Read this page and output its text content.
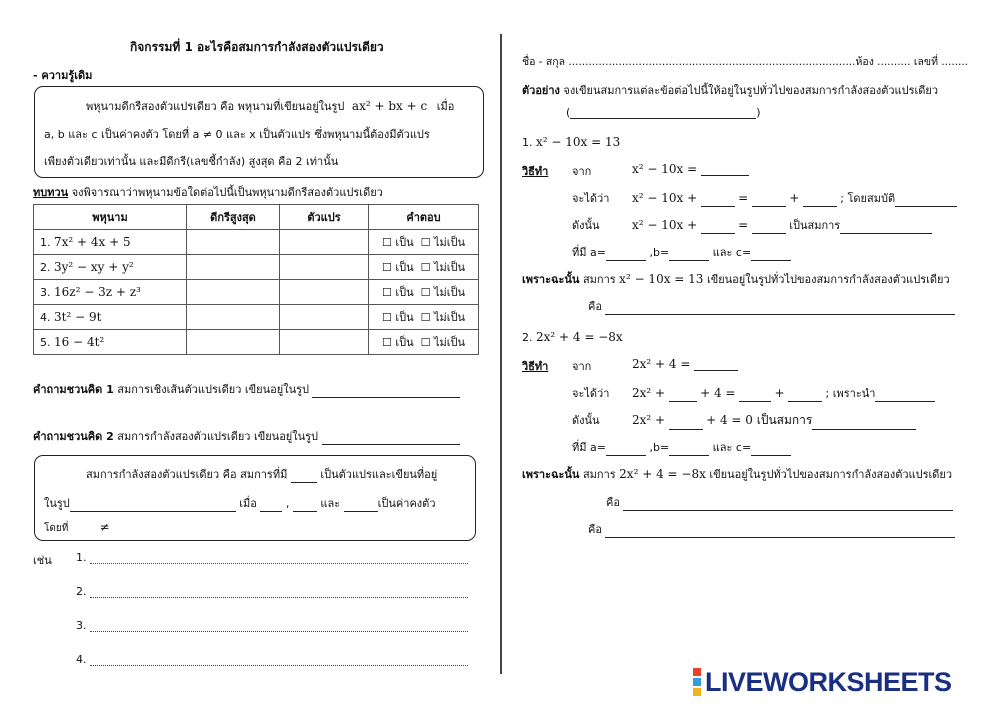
กิจกรรมที่ 1 อะไรคือสมการกำลังสองตัวแปรเดียว
- ความรู้เดิม
พหุนามดีกรีสองตัวแปรเดียว คือ พหุนามที่เขียนอยู่ในรูป ax² + bx + c เมื่อ
a, b และ c เป็นค่าคงตัว โดยที่ a ≠ 0 และ x เป็นตัวแปร ซึ่งพหุนามนี้ต้องมีตัวแปร
เพียงตัวเดียวเท่านั้น และมีดีกรี(เลขชี้กำลัง) สูงสุด คือ 2 เท่านั้น
ทบทวน จงพิจารณาว่าพหุนามข้อใดต่อไปนี้เป็นพหุนามดีกรีสองตัวแปรเดียว
พหุนาม	ดีกรีสูงสุด	ตัวแปร	คำตอบ
1. 7x² + 4x + 5			☐ เป็น ☐ ไม่เป็น
2. 3y² − xy + y²			☐ เป็น ☐ ไม่เป็น
3. 16z² − 3z + z³			☐ เป็น ☐ ไม่เป็น
4. 3t² − 9t			☐ เป็น ☐ ไม่เป็น
5. 16 − 4t²			☐ เป็น ☐ ไม่เป็น
คำถามชวนคิด 1 สมการเชิงเส้นตัวแปรเดียว เขียนอยู่ในรูป
คำถามชวนคิด 2 สมการกำลังสองตัวแปรเดียว เขียนอยู่ในรูป
สมการกำลังสองตัวแปรเดียว คือ สมการที่มี	เป็นตัวแปรและเขียนที่อยู่
ในรูป	เมื่อ	,	และ	เป็นค่าคงตัว
โดยที่	≠
เช่น 1.
2.
3.
4.
ชื่อ - สกุล ......................................................................................ห้อง .......... เลขที่ ........
ตัวอย่าง จงเขียนสมการแต่ละข้อต่อไปนี้ให้อยู่ในรูปทั่วไปของสมการกำลังสองตัวแปรเดียว
(	)
1. x² − 10x = 13
วิธีทำ จาก	x² − 10x =
จะได้ว่า x² − 10x +	=	+	; โดยสมบัติ
ดังนั้น	x² − 10x +	=	เป็นสมการ
ที่มี a=	,b=	และ c=
เพราะฉะนั้น สมการ x² − 10x = 13 เขียนอยู่ในรูปทั่วไปของสมการกำลังสองตัวแปรเดียว
คือ
2. 2x² + 4 = −8x
วิธีทำ จาก	2x² + 4 =
จะได้ว่า 2x² +	+ 4 =	+	; เพราะนำ
ดังนั้น	2x² +	+ 4 = 0 เป็นสมการ
ที่มี a=	,b=	และ c=
เพราะฉะนั้น สมการ 2x² + 4 = −8x เขียนอยู่ในรูปทั่วไปของสมการกำลังสองตัวแปรเดียว
คือ
คือ
LIVEWORKSHEETS
